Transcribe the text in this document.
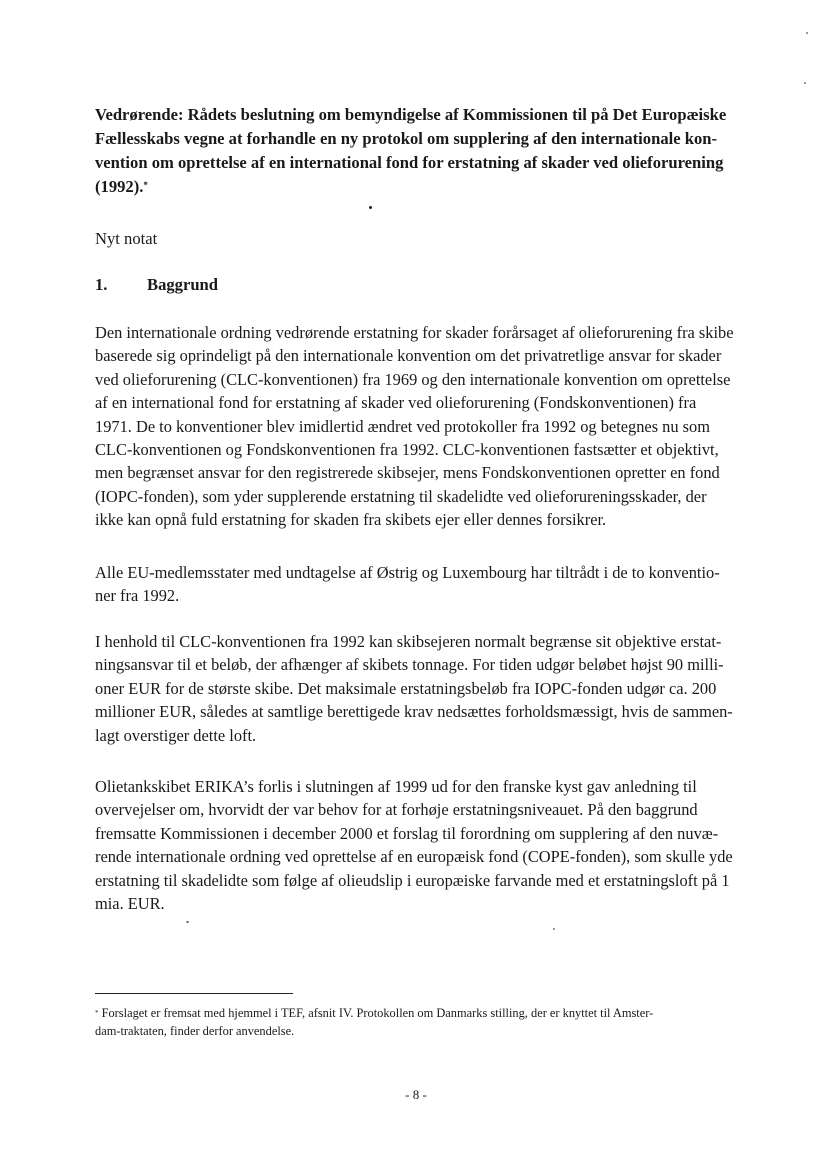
Vedrørende: Rådets beslutning om bemyndigelse af Kommissionen til på Det Europæiske
Fællesskabs vegne at forhandle en ny protokol om supplering af den internationale kon-
vention om oprettelse af en international fond for erstatning af skader ved olieforurening
(1992).*
Nyt notat
1. Baggrund
Den internationale ordning vedrørende erstatning for skader forårsaget af olieforurening fra skibe
baserede sig oprindeligt på den internationale konvention om det privatretlige ansvar for skader
ved olieforurening (CLC-konventionen) fra 1969 og den internationale konvention om oprettelse
af en international fond for erstatning af skader ved olieforurening (Fondskonventionen) fra
1971. De to konventioner blev imidlertid ændret ved protokoller fra 1992 og betegnes nu som
CLC-konventionen og Fondskonventionen fra 1992. CLC-konventionen fastsætter et objektivt,
men begrænset ansvar for den registrerede skibsejer, mens Fondskonventionen opretter en fond
(IOPC-fonden), som yder supplerende erstatning til skadelidte ved olieforureningsskader, der
ikke kan opnå fuld erstatning for skaden fra skibets ejer eller dennes forsikrer.
Alle EU-medlemsstater med undtagelse af Østrig og Luxembourg har tiltrådt i de to konventio-
ner fra 1992.
I henhold til CLC-konventionen fra 1992 kan skibsejeren normalt begrænse sit objektive erstat-
ningsansvar til et beløb, der afhænger af skibets tonnage. For tiden udgør beløbet højst 90 milli-
oner EUR for de største skibe. Det maksimale erstatningsbeløb fra IOPC-fonden udgør ca. 200
millioner EUR, således at samtlige berettigede krav nedsættes forholdsmæssigt, hvis de sammen-
lagt overstiger dette loft.
Olietankskibet ERIKA’s forlis i slutningen af 1999 ud for den franske kyst gav anledning til
overvejelser om, hvorvidt der var behov for at forhøje erstatningsniveauet. På den baggrund
fremsatte Kommissionen i december 2000 et forslag til forordning om supplering af den nuvæ-
rende internationale ordning ved oprettelse af en europæisk fond (COPE-fonden), som skulle yde
erstatning til skadelidte som følge af olieudslip i europæiske farvande med et erstatningsloft på 1
mia. EUR.
* Forslaget er fremsat med hjemmel i TEF, afsnit IV. Protokollen om Danmarks stilling, der er knyttet til Amster-
dam-traktaten, finder derfor anvendelse.
- 8 -
